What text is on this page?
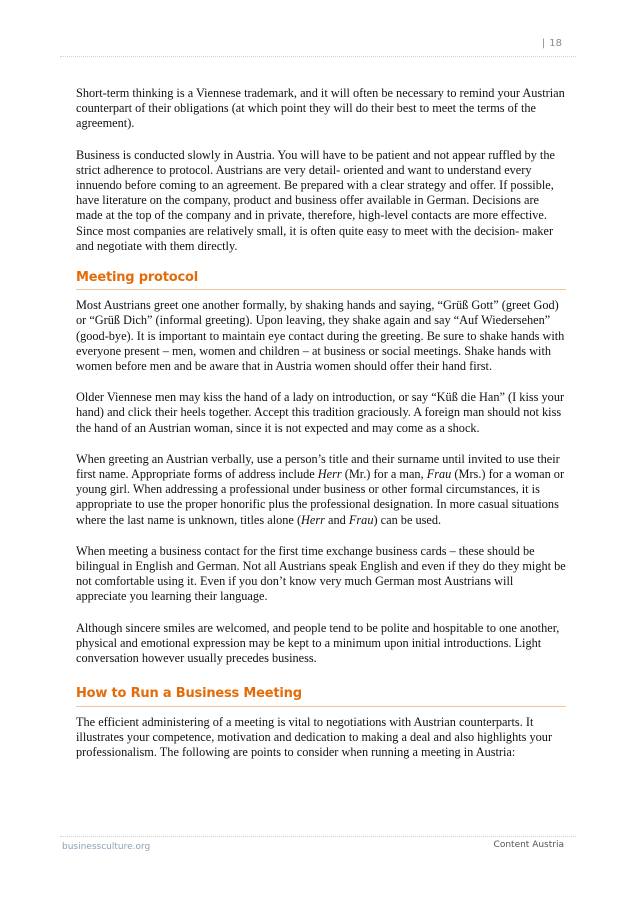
| 18

Short-term thinking is a Viennese trademark, and it will often be necessary to remind your Austrian counterpart of their obligations (at which point they will do their best to meet the terms of the agreement).

Business is conducted slowly in Austria. You will have to be patient and not appear ruffled by the strict adherence to protocol. Austrians are very detail- oriented and want to understand every innuendo before coming to an agreement. Be prepared with a clear strategy and offer. If possible, have literature on the company, product and business offer available in German. Decisions are made at the top of the company and in private, therefore, high-level contacts are more effective. Since most companies are relatively small, it is often quite easy to meet with the decision- maker and negotiate with them directly.

Meeting protocol

Most Austrians greet one another formally, by shaking hands and saying, “Grüß Gott” (greet God) or “Grüß Dich” (informal greeting). Upon leaving, they shake again and say “Auf Wiedersehen” (good-bye). It is important to maintain eye contact during the greeting. Be sure to shake hands with everyone present – men, women and children – at business or social meetings. Shake hands with women before men and be aware that in Austria women should offer their hand first.

Older Viennese men may kiss the hand of a lady on introduction, or say “Küß die Han” (I kiss your hand) and click their heels together. Accept this tradition graciously. A foreign man should not kiss the hand of an Austrian woman, since it is not expected and may come as a shock.

When greeting an Austrian verbally, use a person’s title and their surname until invited to use their first name. Appropriate forms of address include Herr (Mr.) for a man, Frau (Mrs.) for a woman or young girl. When addressing a professional under business or other formal circumstances, it is appropriate to use the proper honorific plus the professional designation. In more casual situations where the last name is unknown, titles alone (Herr and Frau) can be used.

When meeting a business contact for the first time exchange business cards – these should be bilingual in English and German. Not all Austrians speak English and even if they do they might be not comfortable using it. Even if you don’t know very much German most Austrians will appreciate you learning their language.

Although sincere smiles are welcomed, and people tend to be polite and hospitable to one another, physical and emotional expression may be kept to a minimum upon initial introductions. Light conversation however usually precedes business.

How to Run a Business Meeting

The efficient administering of a meeting is vital to negotiations with Austrian counterparts. It illustrates your competence, motivation and dedication to making a deal and also highlights your professionalism. The following are points to consider when running a meeting in Austria:

businessculture.org	Content Austria
